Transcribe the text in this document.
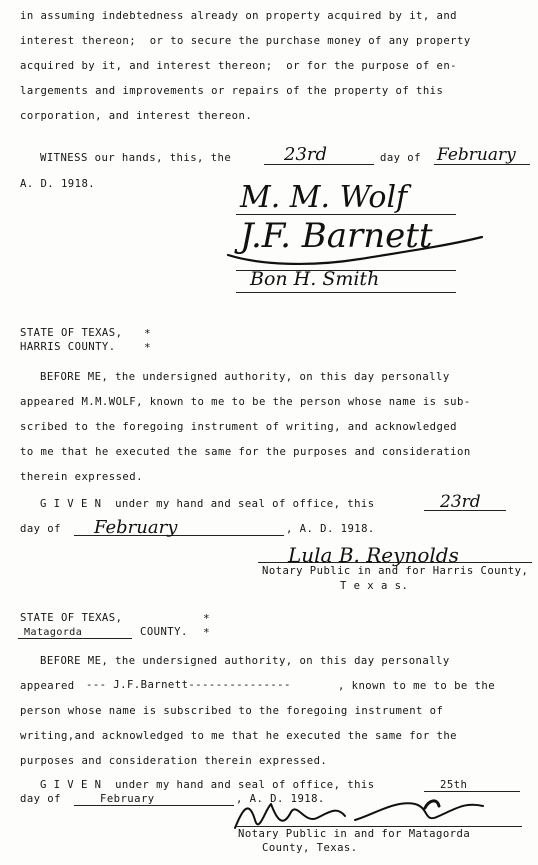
in assuming indebtedness already on property acquired by it, and
interest thereon;  or to secure the purchase money of any property
acquired by it, and interest thereon;  or for the purpose of en-
largements and improvements or repairs of the property of this
corporation, and interest thereon.
WITNESS our hands, this, the	23rd	day of February
A. D. 1918.	M. M. Wolf
J.F. Barnett
Bon H. Smith
STATE OF TEXAS, *
HARRIS COUNTY.	*
BEFORE ME, the undersigned authority, on this day personally
appeared M.M.WOLF, known to me to be the person whose name is sub-
scribed to the foregoing instrument of writing, and acknowledged
to me that he executed the same for the purposes and consideration
therein expressed.
G I V E N  under my hand and seal of office, this	23rd
day of February	, A. D. 1918.
Lula B. Reynolds
Notary Public in and for Harris County,
T e x a s.
STATE OF TEXAS,	*
Matagorda	COUNTY. *
BEFORE ME, the undersigned authority, on this day personally
appeared --- J.F.Barnett---------------	, known to me to be the
person whose name is subscribed to the foregoing instrument of
writing,and acknowledged to me that he executed the same for the
purposes and consideration therein expressed.
G I V E N  under my hand and seal of office, this	25th
day of	February	, A. D. 1918.
Notary Public in and for Matagorda
County, Texas.
